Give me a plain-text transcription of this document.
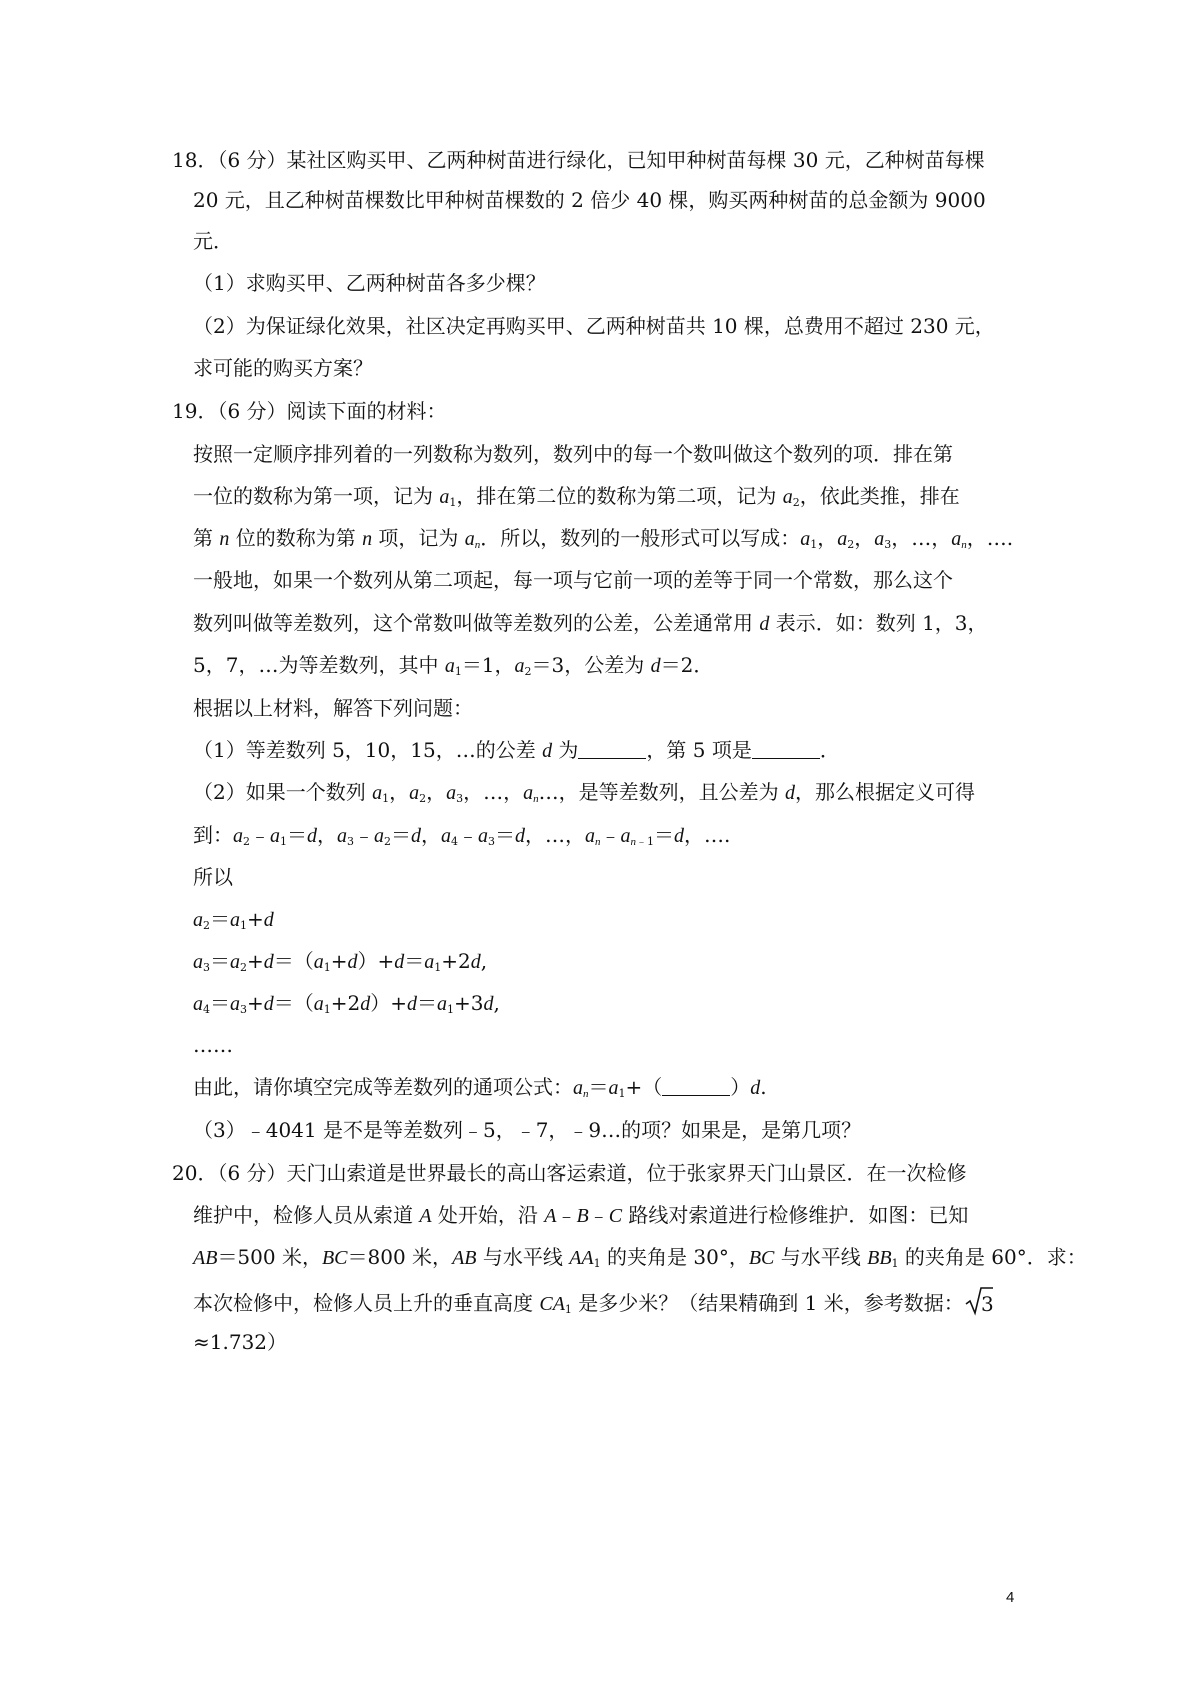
18．（6 分）某社区购买甲、乙两种树苗进行绿化，已知甲种树苗每棵 30 元，乙种树苗每棵
20 元，且乙种树苗棵数比甲种树苗棵数的 2 倍少 40 棵，购买两种树苗的总金额为 9000
元．
（1）求购买甲、乙两种树苗各多少棵？
（2）为保证绿化效果，社区决定再购买甲、乙两种树苗共 10 棵，总费用不超过 230 元，
求可能的购买方案？
19．（6 分）阅读下面的材料：
按照一定顺序排列着的一列数称为数列，数列中的每一个数叫做这个数列的项．排在第
一位的数称为第一项，记为 $a_1$，排在第二位的数称为第二项，记为 $a_2$，依此类推，排在
第 n 位的数称为第 n 项，记为 $a_n$．所以，数列的一般形式可以写成：$a_1$，$a_2$，$a_3$，…，$a_n$，….
一般地，如果一个数列从第二项起，每一项与它前一项的差等于同一个常数，那么这个
数列叫做等差数列，这个常数叫做等差数列的公差，公差通常用 d 表示．如：数列 1，3，
5，7，…为等差数列，其中 $a_1=1$，$a_2=3$，公差为 d＝2．
根据以上材料，解答下列问题：
（1）等差数列 5，10，15，…的公差 d 为	，第 5 项是	．
（2）如果一个数列 $a_1$，$a_2$，$a_3$，…，$a_n\dots$，是等差数列，且公差为 d，那么根据定义可得
到：$a_2﹣a_1=d$，$a_3﹣a_2=d$，$a_4﹣a_3=d$，…，$a_n﹣a_{n﹣1}=d$，….
所以
$a_2=a_1+d$
$a_3=a_2+d=(a_1+d)+d=a_1+2d$,
$a_4=a_3+d=(a_1+2d)+d=a_1+3d$,
……
由此，请你填空完成等差数列的通项公式：$a_n=a_1+$（	）d.
（3）﹣4041 是不是等差数列﹣5，﹣7，﹣9…的项？如果是，是第几项？
20．（6 分）天门山索道是世界最长的高山客运索道，位于张家界天门山景区．在一次检修
维护中，检修人员从索道 A 处开始，沿 A﹣B﹣C 路线对索道进行检修维护．如图：已知
AB＝500 米，BC＝800 米，AB 与水平线 $AA_1$ 的夹角是 30°，BC 与水平线 $BB_1$ 的夹角是 60°．求：
本次检修中，检修人员上升的垂直高度 $CA_1$ 是多少米？（结果精确到 1 米，参考数据： 3
≈1.732）
4
